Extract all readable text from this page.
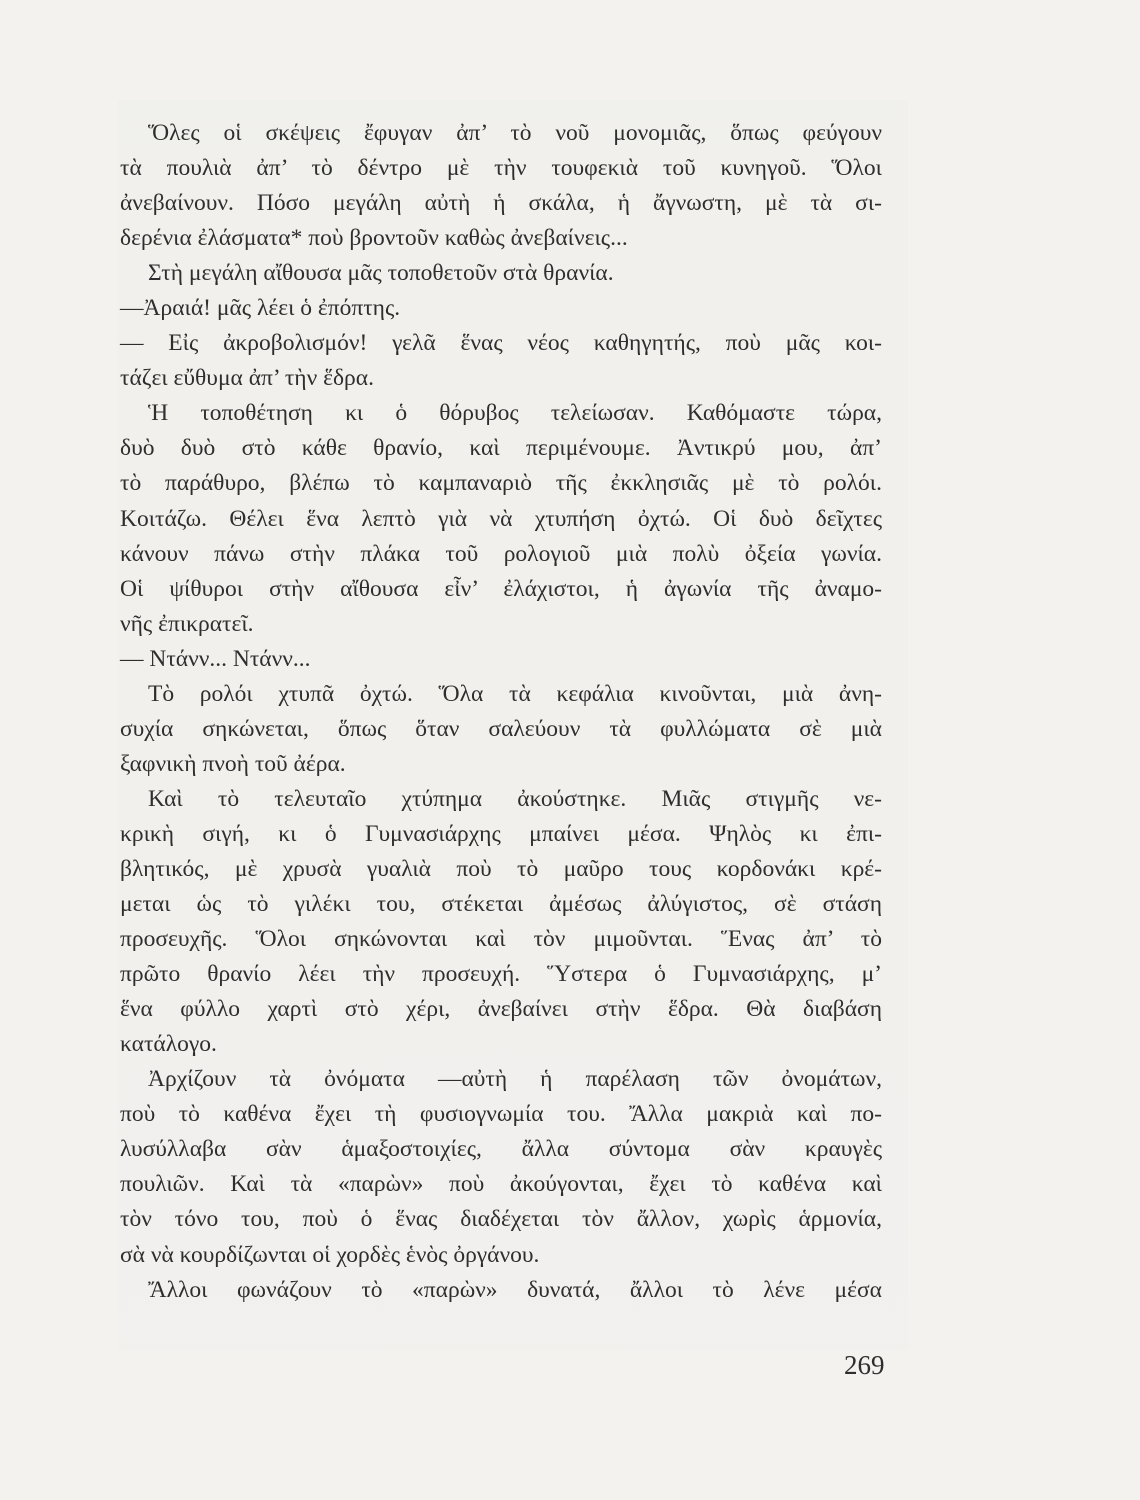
Ὅλες οἱ σκέψεις ἔφυγαν ἀπ’ τὸ νοῦ μονομιᾶς, ὅπως φεύγουν
τὰ πουλιὰ ἀπ’ τὸ δέντρο μὲ τὴν τουφεκιὰ τοῦ κυνηγοῦ. Ὅλοι
ἀνεβαίνουν. Πόσο μεγάλη αὐτὴ ἡ σκάλα, ἡ ἄγνωστη, μὲ τὰ σι-
δερένια ἐλάσματα* ποὺ βροντοῦν καθὼς ἀνεβαίνεις...
Στὴ μεγάλη αἴθουσα μᾶς τοποθετοῦν στὰ θρανία.
—Ἀραιά! μᾶς λέει ὁ ἐπόπτης.
— Εἰς ἀκροβολισμόν! γελᾶ ἕνας νέος καθηγητής, ποὺ μᾶς κοι-
τάζει εὔθυμα ἀπ’ τὴν ἕδρα.
Ἡ τοποθέτηση κι ὁ θόρυβος τελείωσαν. Καθόμαστε τώρα,
δυὸ δυὸ στὸ κάθε θρανίο, καὶ περιμένουμε. Ἀντικρύ μου, ἀπ’
τὸ παράθυρο, βλέπω τὸ καμπαναριὸ τῆς ἐκκλησιᾶς μὲ τὸ ρολόι.
Κοιτάζω. Θέλει ἕνα λεπτὸ γιὰ νὰ χτυπήση ὀχτώ. Οἱ δυὸ δεῖχτες
κάνουν πάνω στὴν πλάκα τοῦ ρολογιοῦ μιὰ πολὺ ὀξεία γωνία.
Οἱ ψίθυροι στὴν αἴθουσα εἶν’ ἐλάχιστοι, ἡ ἀγωνία τῆς ἀναμο-
νῆς ἐπικρατεῖ.
— Ντάνν... Ντάνν...
Τὸ ρολόι χτυπᾶ ὀχτώ. Ὅλα τὰ κεφάλια κινοῦνται, μιὰ ἀνη-
συχία σηκώνεται, ὅπως ὅταν σαλεύουν τὰ φυλλώματα σὲ μιὰ
ξαφνικὴ πνοὴ τοῦ ἀέρα.
Καὶ τὸ τελευταῖο χτύπημα ἀκούστηκε. Μιᾶς στιγμῆς νε-
κρικὴ σιγή, κι ὁ Γυμνασιάρχης μπαίνει μέσα. Ψηλὸς κι ἐπι-
βλητικός, μὲ χρυσὰ γυαλιὰ ποὺ τὸ μαῦρο τους κορδονάκι κρέ-
μεται ὡς τὸ γιλέκι του, στέκεται ἀμέσως ἀλύγιστος, σὲ στάση
προσευχῆς. Ὅλοι σηκώνονται καὶ τὸν μιμοῦνται. Ἕνας ἀπ’ τὸ
πρῶτο θρανίο λέει τὴν προσευχή. Ὕστερα ὁ Γυμνασιάρχης, μ’
ἕνα φύλλο χαρτὶ στὸ χέρι, ἀνεβαίνει στὴν ἕδρα. Θὰ διαβάση
κατάλογο.
Ἀρχίζουν τὰ ὀνόματα —αὐτὴ ἡ παρέλαση τῶν ὀνομάτων,
ποὺ τὸ καθένα ἔχει τὴ φυσιογνωμία του. Ἄλλα μακριὰ καὶ πο-
λυσύλλαβα σὰν ἁμαξοστοιχίες, ἄλλα σύντομα σὰν κραυγὲς
πουλιῶν. Καὶ τὰ «παρὼν» ποὺ ἀκούγονται, ἔχει τὸ καθένα καὶ
τὸν τόνο του, ποὺ ὁ ἕνας διαδέχεται τὸν ἄλλον, χωρὶς ἁρμονία,
σὰ νὰ κουρδίζωνται οἱ χορδὲς ἑνὸς ὀργάνου.
Ἄλλοι φωνάζουν τὸ «παρὼν» δυνατά, ἄλλοι τὸ λένε μέσα
269
